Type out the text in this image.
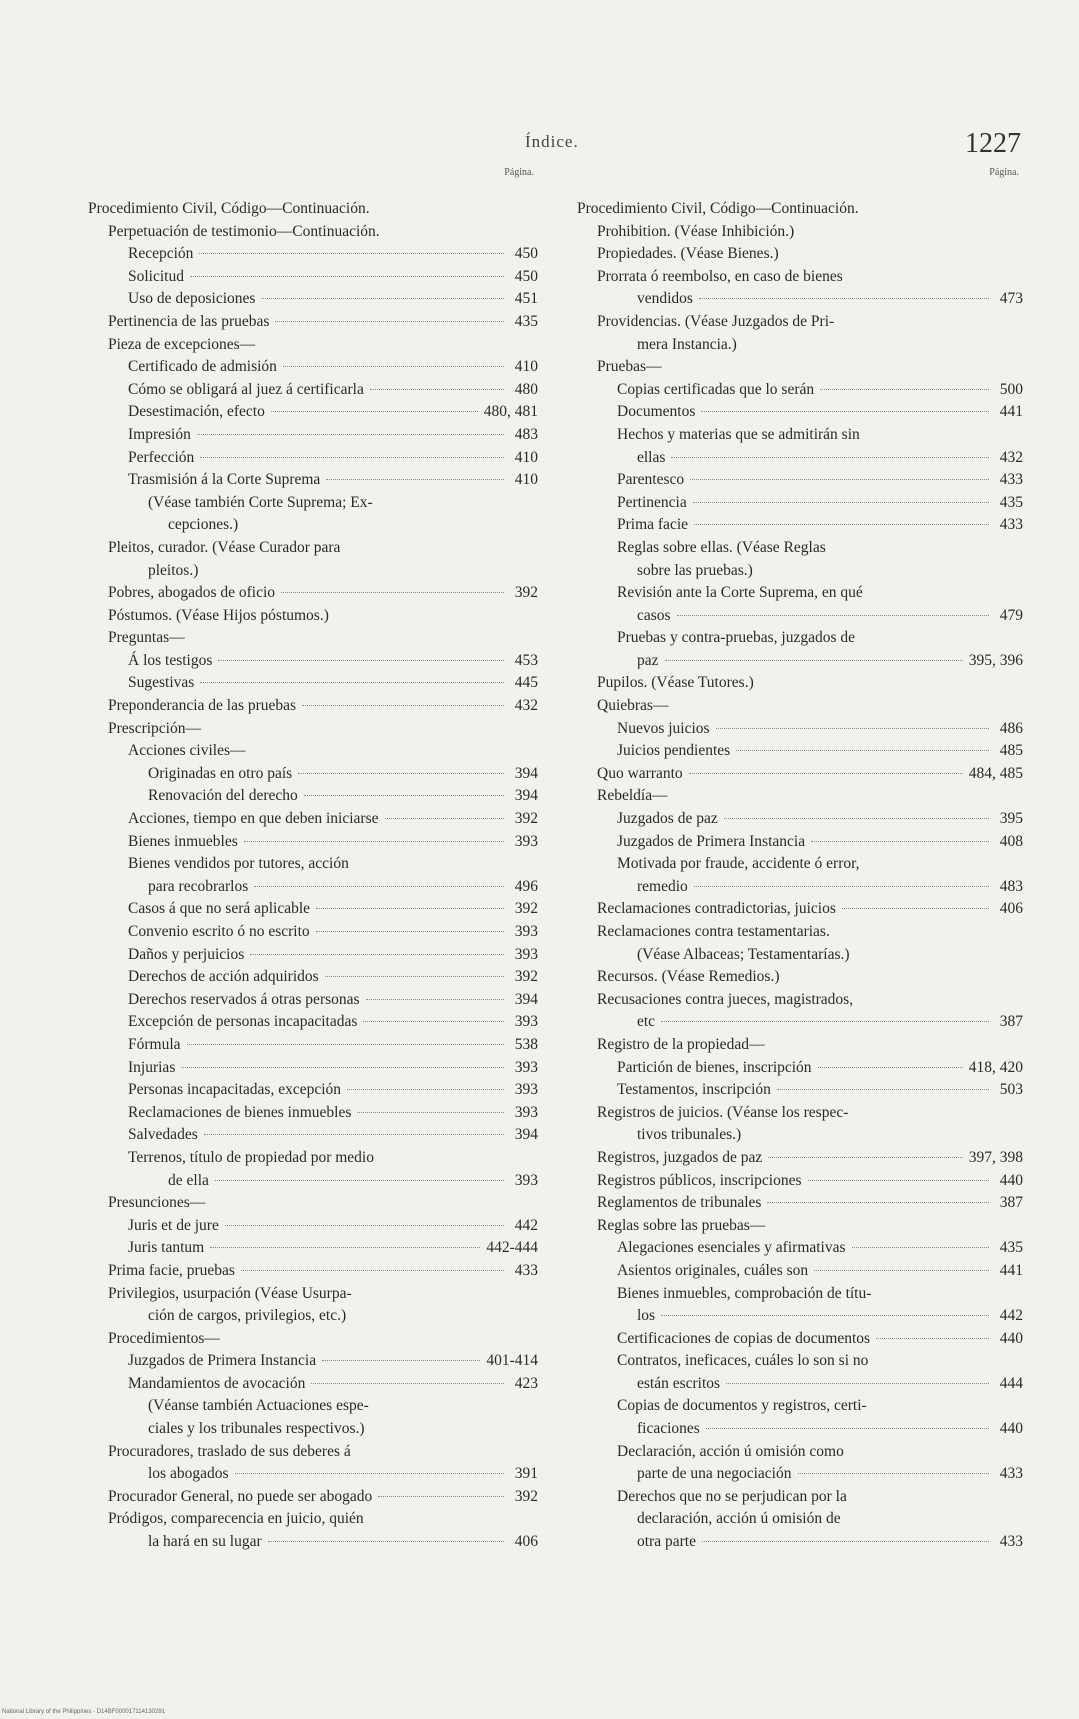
Índice.	1227
Página.
Procedimiento Civil, Código—Continuación.
Perpetuación de testimonio—Continuación.
Recepción	450
Solicitud	450
Uso de deposiciones	451
Pertinencia de las pruebas	435
Pieza de excepciones—
Certificado de admisión	410
Cómo se obligará al juez á certificarla	480
Desestimación, efecto	480, 481
Impresión	483
Perfección	410
Trasmisión á la Corte Suprema	410
(Véase también Corte Suprema; Ex-
cepciones.)
Pleitos, curador. (Véase Curador para
pleitos.)
Pobres, abogados de oficio	392
Póstumos. (Véase Hijos póstumos.)
Preguntas—
Á los testigos	453
Sugestivas	445
Preponderancia de las pruebas	432
Prescripción—
Acciones civiles—
Originadas en otro país	394
Renovación del derecho	394
Acciones, tiempo en que deben iniciarse	392
Bienes inmuebles	393
Bienes vendidos por tutores, acción
para recobrarlos	496
Casos á que no será aplicable	392
Convenio escrito ó no escrito	393
Daños y perjuicios	393
Derechos de acción adquiridos	392
Derechos reservados á otras personas	394
Excepción de personas incapacitadas	393
Fórmula	538
Injurias	393
Personas incapacitadas, excepción	393
Reclamaciones de bienes inmuebles	393
Salvedades	394
Terrenos, título de propiedad por medio
de ella	393
Presunciones—
Juris et de jure	442
Juris tantum	442-444
Prima facie, pruebas	433
Privilegios, usurpación (Véase Usurpa-
ción de cargos, privilegios, etc.)
Procedimientos—
Juzgados de Primera Instancia	401-414
Mandamientos de avocación	423
(Véanse también Actuaciones espe-
ciales y los tribunales respectivos.)
Procuradores, traslado de sus deberes á
los abogados	391
Procurador General, no puede ser abogado	392
Pródigos, comparecencia en juicio, quién
la hará en su lugar	406
Página.
Procedimiento Civil, Código—Continuación.
Prohibition. (Véase Inhibición.)
Propiedades. (Véase Bienes.)
Prorrata ó reembolso, en caso de bienes
vendidos	473
Providencias. (Véase Juzgados de Pri-
mera Instancia.)
Pruebas—
Copias certificadas que lo serán	500
Documentos	441
Hechos y materias que se admitirán sin
ellas	432
Parentesco	433
Pertinencia	435
Prima facie	433
Reglas sobre ellas. (Véase Reglas
sobre las pruebas.)
Revisión ante la Corte Suprema, en qué
casos	479
Pruebas y contra-pruebas, juzgados de
paz	395, 396
Pupilos. (Véase Tutores.)
Quiebras—
Nuevos juicios	486
Juicios pendientes	485
Quo warranto	484, 485
Rebeldía—
Juzgados de paz	395
Juzgados de Primera Instancia	408
Motivada por fraude, accidente ó error,
remedio	483
Reclamaciones contradictorias, juicios	406
Reclamaciones contra testamentarias.
(Véase Albaceas; Testamentarías.)
Recursos. (Véase Remedios.)
Recusaciones contra jueces, magistrados,
etc	387
Registro de la propiedad—
Partición de bienes, inscripción	418, 420
Testamentos, inscripción	503
Registros de juicios. (Véanse los respec-
tivos tribunales.)
Registros, juzgados de paz	397, 398
Registros públicos, inscripciones	440
Reglamentos de tribunales	387
Reglas sobre las pruebas—
Alegaciones esenciales y afirmativas	435
Asientos originales, cuáles son	441
Bienes inmuebles, comprobación de títu-
los	442
Certificaciones de copias de documentos	440
Contratos, ineficaces, cuáles lo son si no
están escritos	444
Copias de documentos y registros, certi-
ficaciones	440
Declaración, acción ú omisión como
parte de una negociación	433
Derechos que no se perjudican por la
declaración, acción ú omisión de
otra parte	433
National Library of the Philippines · D14BF000017114130291
